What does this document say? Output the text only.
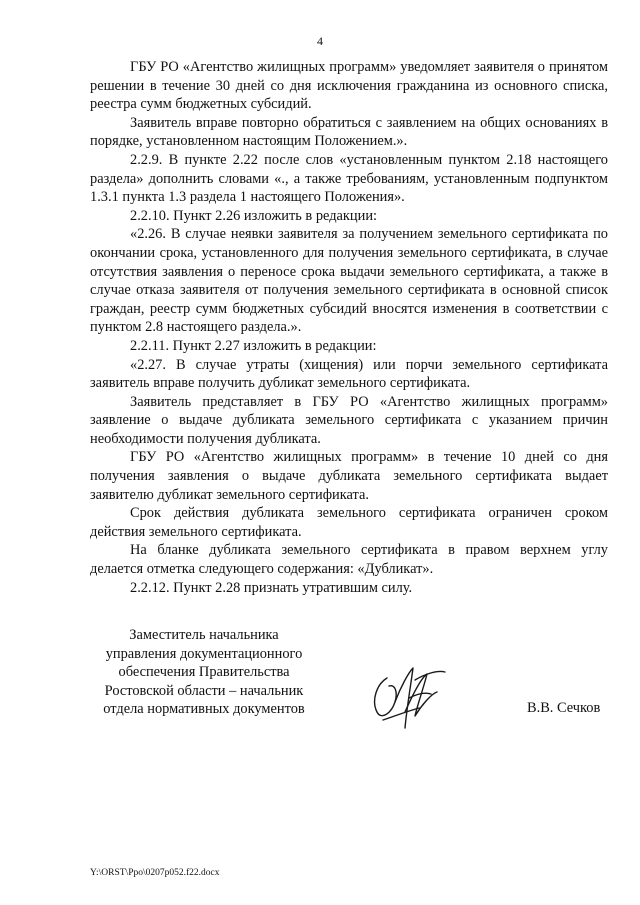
4

ГБУ РО «Агентство жилищных программ» уведомляет заявителя о принятом решении в течение 30 дней со дня исключения гражданина из основного списка, реестра сумм бюджетных субсидий.

Заявитель вправе повторно обратиться с заявлением на общих основаниях в порядке, установленном настоящим Положением.».

2.2.9. В пункте 2.22 после слов «установленным пунктом 2.18 настоящего раздела» дополнить словами «., а также требованиям, установленным подпунктом 1.3.1 пункта 1.3 раздела 1 настоящего Положения».

2.2.10. Пункт 2.26 изложить в редакции:

«2.26. В случае неявки заявителя за получением земельного сертификата по окончании срока, установленного для получения земельного сертификата, в случае отсутствия заявления о переносе срока выдачи земельного сертификата, а также в случае отказа заявителя от получения земельного сертификата в основной список граждан, реестр сумм бюджетных субсидий вносятся изменения в соответствии с пунктом 2.8 настоящего раздела.».

2.2.11. Пункт 2.27 изложить в редакции:

«2.27. В случае утраты (хищения) или порчи земельного сертификата заявитель вправе получить дубликат земельного сертификата.

Заявитель представляет в ГБУ РО «Агентство жилищных программ» заявление о выдаче дубликата земельного сертификата с указанием причин необходимости получения дубликата.

ГБУ РО «Агентство жилищных программ» в течение 10 дней со дня получения заявления о выдаче дубликата земельного сертификата выдает заявителю дубликат земельного сертификата.

Срок действия дубликата земельного сертификата ограничен сроком действия земельного сертификата.

На бланке дубликата земельного сертификата в правом верхнем углу делается отметка следующего содержания: «Дубликат».

2.2.12. Пункт 2.28 признать утратившим силу.

Заместитель начальника
управления документационного
обеспечения Правительства
Ростовской области – начальник
отдела нормативных документов	В.В. Сечков
Y:\ORST\Ppo\0207p052.f22.docx
